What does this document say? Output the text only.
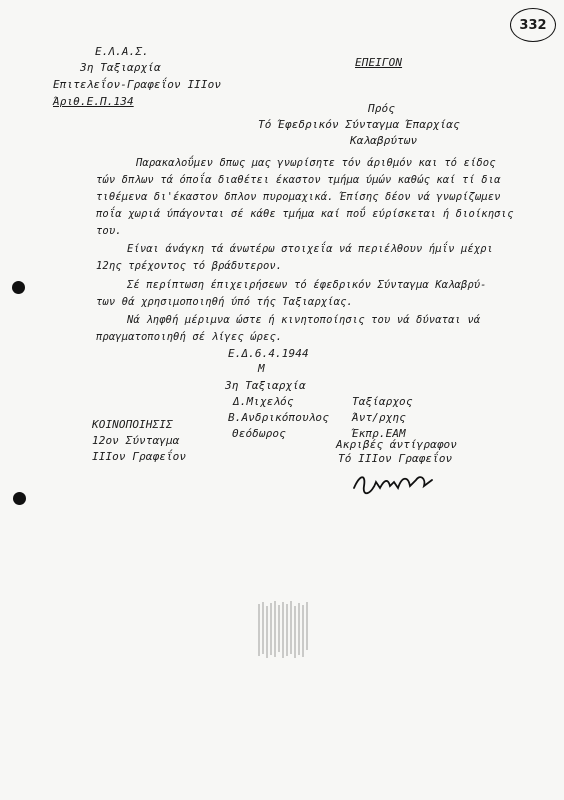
332
Ε.Λ.Α.Σ.
3η Ταξιαρχία
Επιτελεΐον-Γραφεΐον ΙΙΙον
Άριθ.Ε.Π.134
ΕΠΕΙΓΟΝ
Πρός
Τό Έφεδρικόν Σύνταγμα Έπαρχίας
Καλαβρύτων
Παρακαλοΰμεν δπως μας γνωρίσητε τόν άριθμόν και τό είδος
τών δπλων τά όποΐα διαθέτει έκαστον τμήμα ύμών καθώς καί τί δια
τιθέμενα δι'έκαστον δπλον πυρομαχικά. Έπίσης δέον νά γνωρίζωμεν
ποΐα χωριά ύπάγονται σέ κάθε τμήμα καί ποΰ εύρίσκεται ή διοίκησις
του.
Είναι άνάγκη τά άνωτέρω στοιχεΐα νά περιέλθουν ήμΐν μέχρι
12ης τρέχοντος τό βράδυτερον.
Σέ περίπτωση έπιχειρήσεων τό έφεδρικόν Σύνταγμα Καλαβρύ-
των θά χρησιμοποιηθή ύπό τής Ταξιαρχίας.
Νά ληφθή μέριμνα ώστε ή κινητοποίησις του νά δύναται νά
πραγματοποιηθή σέ λίγες ώρες.
Ε.Δ.6.4.1944
Μ
3η Ταξιαρχία
Δ.Μιχελός
Β.Ανδρικόπουλος
Θεόδωρος
Ταξίαρχος
Άντ/ρχης
Έκπρ.ΕΑΜ
ΚΟΙΝΟΠΟΙΗΣΙΣ
12ον Σύνταγμα
ΙΙΙον Γραφεΐον
Ακριβές άντίγραφον
Τό ΙΙΙον Γραφεΐον
